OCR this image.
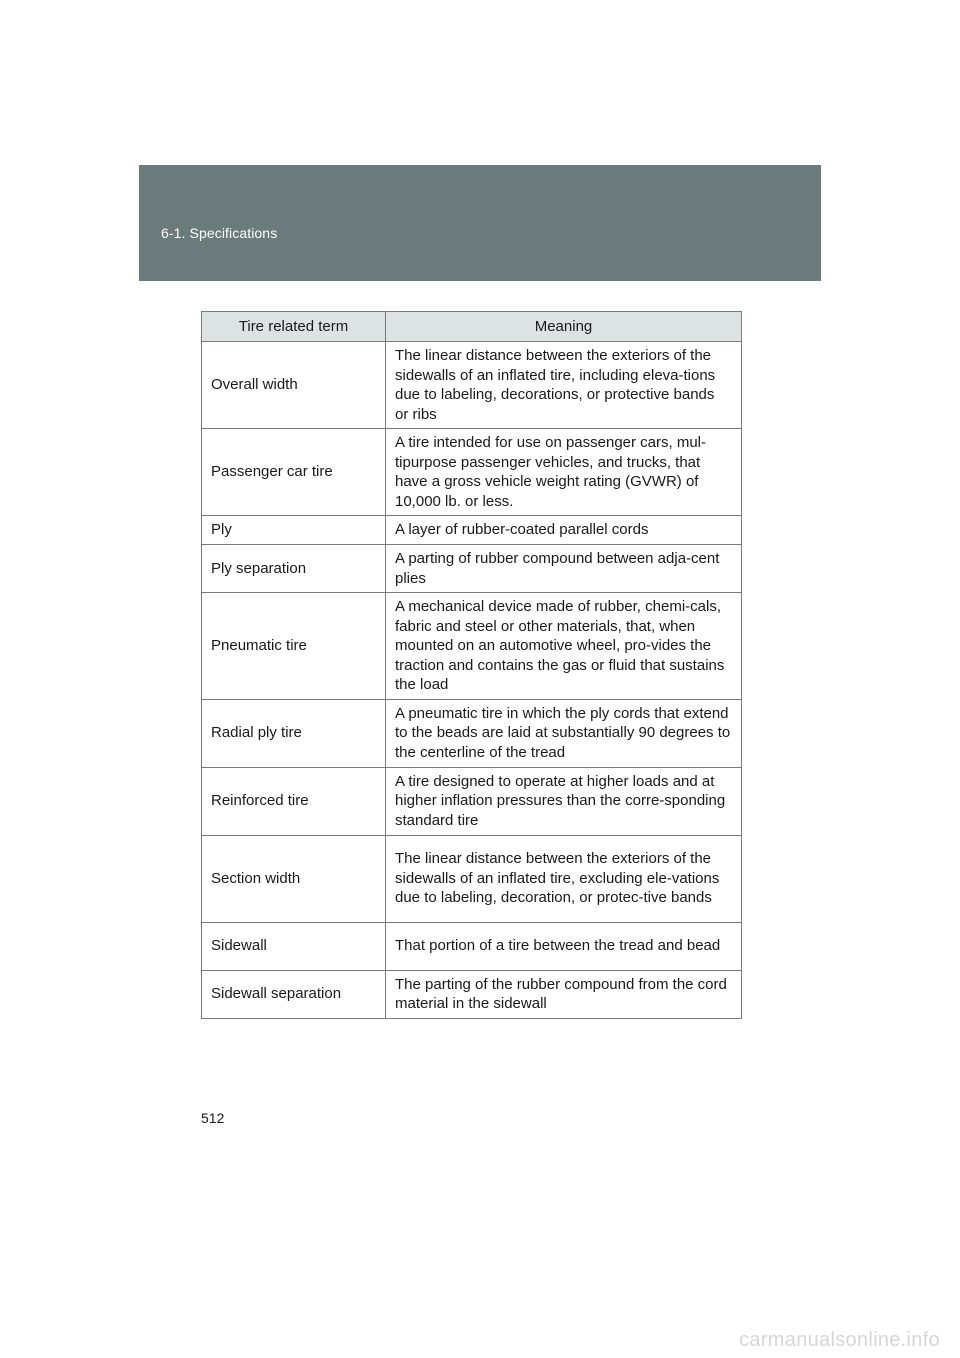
6-1. Specifications
Tire related term	Meaning
Overall width	The linear distance between the exteriors of the sidewalls of an inflated tire, including eleva-tions due to labeling, decorations, or protective bands or ribs
Passenger car tire	A tire intended for use on passenger cars, mul-tipurpose passenger vehicles, and trucks, that have a gross vehicle weight rating (GVWR) of 10,000 lb. or less.
Ply	A layer of rubber-coated parallel cords
Ply separation	A parting of rubber compound between adja-cent plies
Pneumatic tire	A mechanical device made of rubber, chemi-cals, fabric and steel or other materials, that, when mounted on an automotive wheel, pro-vides the traction and contains the gas or fluid that sustains the load
Radial ply tire	A pneumatic tire in which the ply cords that extend to the beads are laid at substantially 90 degrees to the centerline of the tread
Reinforced tire	A tire designed to operate at higher loads and at higher inflation pressures than the corre-sponding standard tire
Section width	The linear distance between the exteriors of the sidewalls of an inflated tire, excluding ele-vations due to labeling, decoration, or protec-tive bands
Sidewall	That portion of a tire between the tread and bead
Sidewall separation	The parting of the rubber compound from the cord material in the sidewall
512
carmanualsonline.info
